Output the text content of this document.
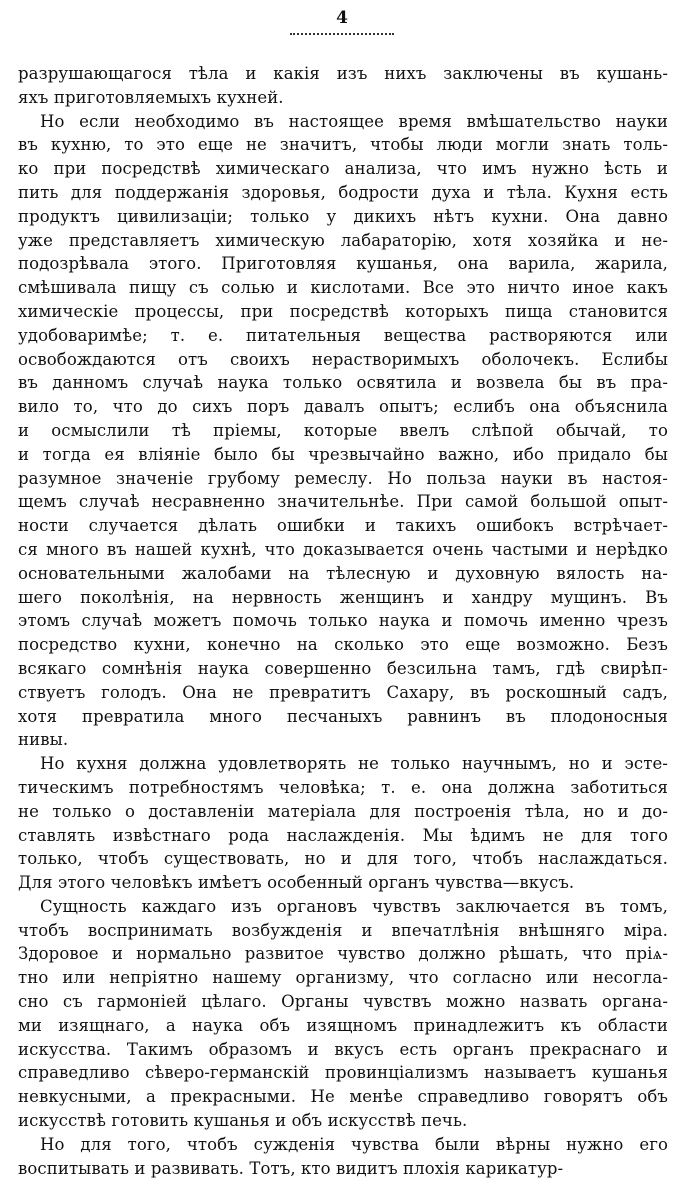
4
разрушающагося тѣла и какія изъ нихъ заключены въ кушань-
яхъ приготовляемыхъ кухней.
Но если необходимо въ настоящее время вмѣшательство науки
въ кухню, то это еще не значитъ, чтобы люди могли знать толь-
ко при посредствѣ химическаго анализа, что имъ нужно ѣсть и
пить для поддержанія здоровья, бодрости духа и тѣла. Кухня есть
продуктъ цивилизаціи; только у дикихъ нѣтъ кухни. Она давно
уже представляетъ химическую лабараторію, хотя хозяйка и не-
подозрѣвала этого. Приготовляя кушанья, она варила, жарила,
смѣшивала пищу съ солью и кислотами. Все это ничто иное какъ
химическіе процессы, при посредствѣ которыхъ пища становится
удобоваримѣе; т. е. питательныя вещества растворяются или
освобождаются отъ своихъ нерастворимыхъ оболочекъ. Еслибы
въ данномъ случаѣ наука только освятила и возвела бы въ пра-
вило то, что до сихъ поръ давалъ опытъ; еслибъ она объяснила
и осмыслили тѣ пріемы, которые ввелъ слѣпой обычай, то
и тогда ея вліяніе было бы чрезвычайно важно, ибо придало бы
разумное значеніе грубому ремеслу. Но польза науки въ настоя-
щемъ случаѣ несравненно значительнѣе. При самой большой опыт-
ности случается дѣлать ошибки и такихъ ошибокъ встрѣчает-
ся много въ нашей кухнѣ, что доказывается очень частыми и нерѣдко
основательными жалобами на тѣлесную и духовную вялость на-
шего поколѣнія, на нервность женщинъ и хандру мущинъ. Въ
этомъ случаѣ можетъ помочь только наука и помочь именно чрезъ
посредство кухни, конечно на сколько это еще возможно. Безъ
всякаго сомнѣнія наука совершенно безсильна тамъ, гдѣ свирѣп-
ствуетъ голодъ. Она не превратитъ Сахару, въ роскошный садъ,
хотя превратила много песчаныхъ равнинъ въ плодоносныя
нивы.
Но кухня должна удовлетворять не только научнымъ, но и эсте-
тическимъ потребностямъ человѣка; т. е. она должна заботиться
не только о доставленіи матеріала для построенія тѣла, но и до-
ставлять извѣстнаго рода наслажденія. Мы ѣдимъ не для того
только, чтобъ существовать, но и для того, чтобъ наслаждаться.
Для этого человѣкъ имѣетъ особенный органъ чувства—вкусъ.
Сущность каждаго изъ органовъ чувствъ заключается въ томъ,
чтобъ воспринимать возбужденія и впечатлѣнія внѣшняго міра.
Здоровое и нормально развитое чувство должно рѣшать, что пріѧ-
тно или непріятно нашему организму, что согласно или несогла-
сно съ гармоніей цѣлаго. Органы чувствъ можно назвать органа-
ми изящнаго, а наука объ изящномъ принадлежитъ къ области
искусства. Такимъ образомъ и вкусъ есть органъ прекраснаго и
справедливо сѣверо-германскій провинціализмъ называетъ кушанья
невкусными, а прекрасными. Не менѣе справедливо говорятъ объ
искусствѣ готовить кушанья и объ искусствѣ печь.
Но для того, чтобъ сужденія чувства были вѣрны нужно его
воспитывать и развивать. Тотъ, кто видитъ плохія карикатур-
